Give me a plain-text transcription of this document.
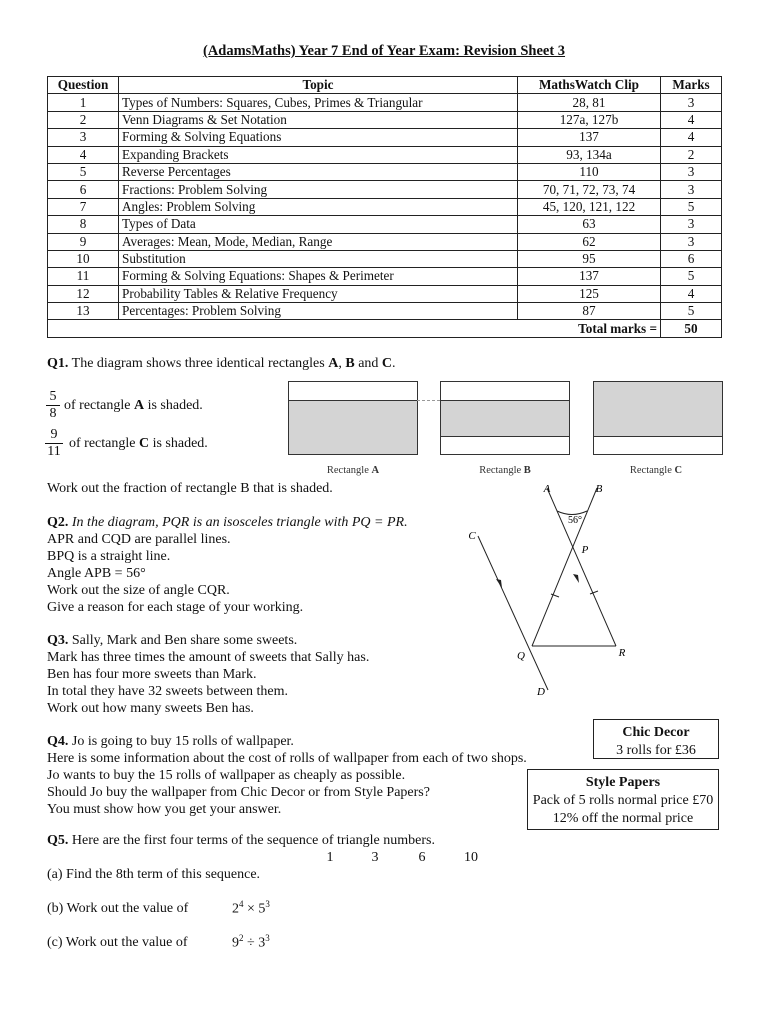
(AdamsMaths) Year 7 End of Year Exam: Revision Sheet 3
Question	Topic	MathsWatch Clip	Marks
1	Types of Numbers: Squares, Cubes, Primes & Triangular	28, 81	3
2	Venn Diagrams & Set Notation	127a, 127b	4
3	Forming & Solving Equations	137	4
4	Expanding Brackets	93, 134a	2
5	Reverse Percentages	110	3
6	Fractions: Problem Solving	70, 71, 72, 73, 74	3
7	Angles: Problem Solving	45, 120, 121, 122	5
8	Types of Data	63	3
9	Averages: Mean, Mode, Median, Range	62	3
10	Substitution	95	6
11	Forming & Solving Equations: Shapes & Perimeter	137	5
12	Probability Tables & Relative Frequency	125	4
13	Percentages: Problem Solving	87	5
Total marks =			50
Q1. The diagram shows three identical rectangles A, B and C.
$\frac{5}{8}$ of rectangle A is shaded.
$\frac{9}{11}$ of rectangle C is shaded.
Rectangle A	Rectangle B	Rectangle C
Work out the fraction of rectangle B that is shaded.
Q2. In the diagram, PQR is an isosceles triangle with PQ = PR.
APR and CQD are parallel lines.
BPQ is a straight line.
Angle APB = 56°
Work out the size of angle CQR.
Give a reason for each stage of your working.
A	B
C
P
Q	R
D
56°
Q3. Sally, Mark and Ben share some sweets.
Mark has three times the amount of sweets that Sally has.
Ben has four more sweets than Mark.
In total they have 32 sweets between them.
Work out how many sweets Ben has.
Q4. Jo is going to buy 15 rolls of wallpaper.
Here is some information about the cost of rolls of wallpaper from each of two shops.
Jo wants to buy the 15 rolls of wallpaper as cheaply as possible.
Should Jo buy the wallpaper from Chic Decor or from Style Papers?
You must show how you get your answer.
Chic Decor
3 rolls for £36
Style Papers
Pack of 5 rolls normal price £70
12% off the normal price
Q5. Here are the first four terms of the sequence of triangle numbers.
1	3	6	10
(a) Find the 8th term of this sequence.
(b) Work out the value of	$2^4 \times 5^3$
(c) Work out the value of	$9^2 \div 3^3$
